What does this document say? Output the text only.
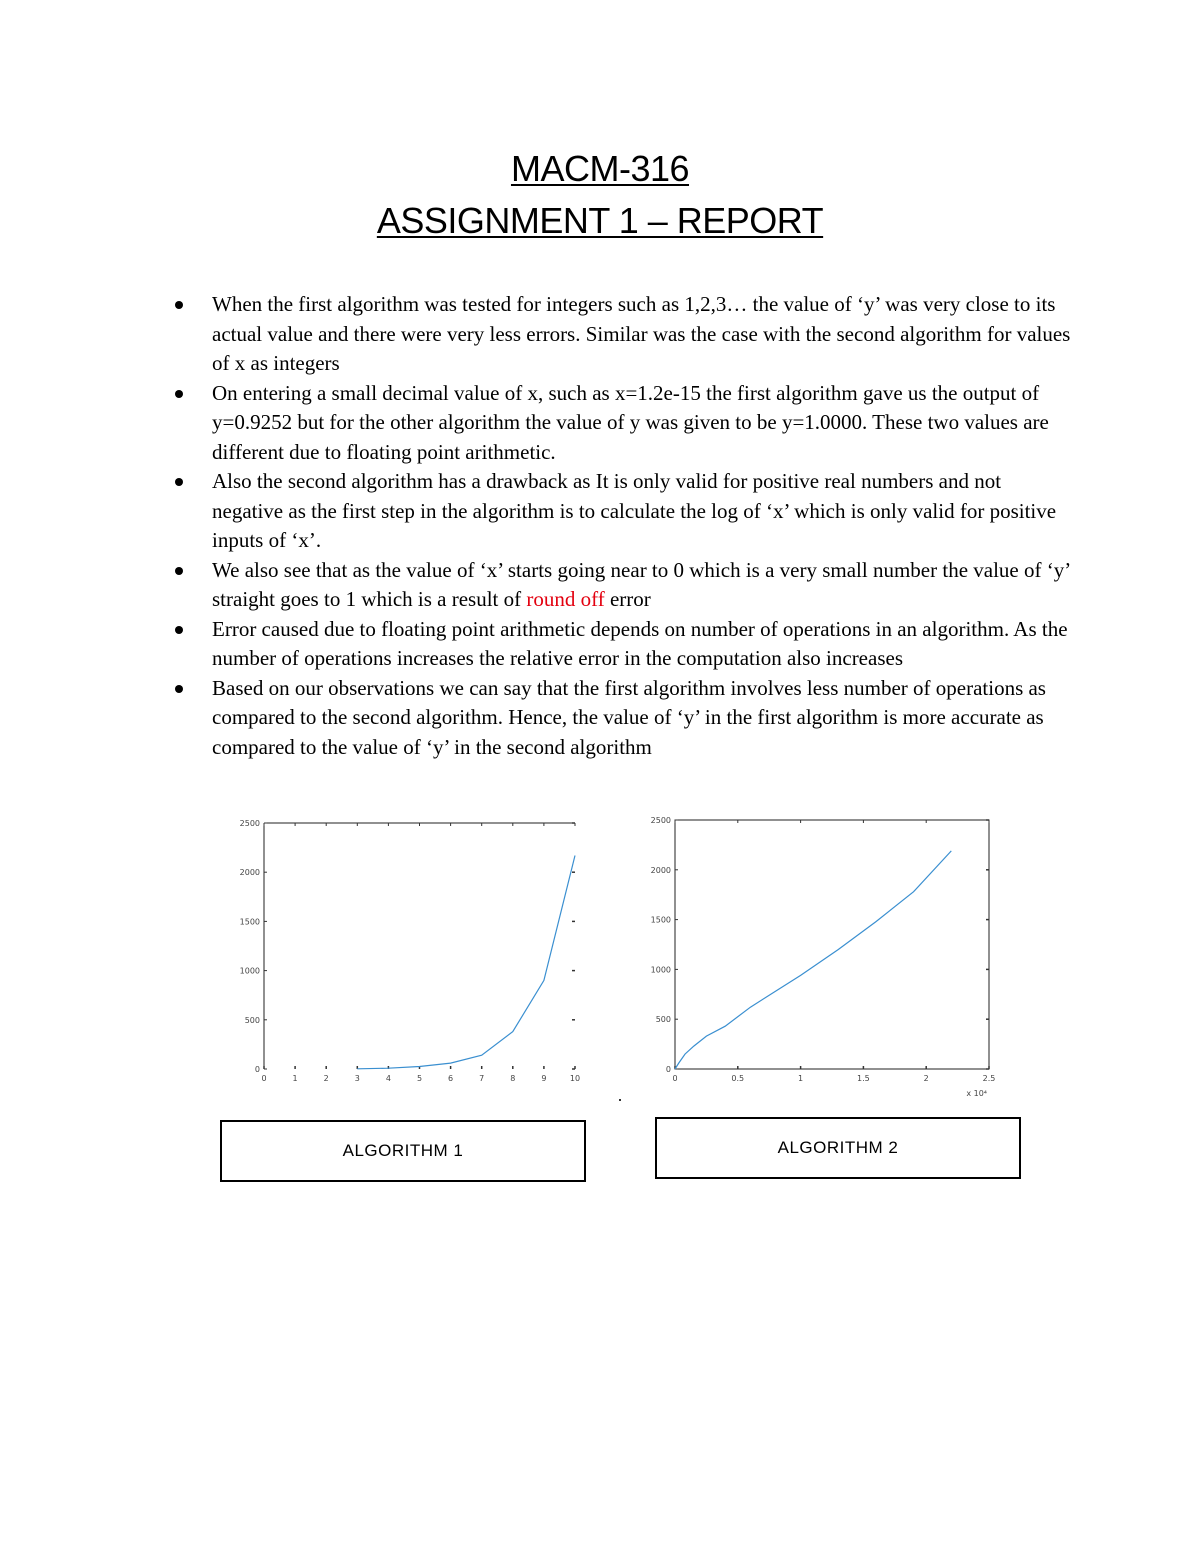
MACM-316
ASSIGNMENT 1 – REPORT
When the first algorithm was tested for integers such as 1,2,3… the value of ‘y’ was very close to its actual value and there were very less errors. Similar was the case with the second algorithm for values of x as integers
On entering a small decimal value of x, such as x=1.2e-15 the first algorithm gave us the output of y=0.9252 but for the other algorithm the value of y was given to be y=1.0000. These two values are different due to floating point arithmetic.
Also the second algorithm has a drawback as It is only valid for positive real numbers and not negative as the first step in the algorithm is to calculate the log of ‘x’ which is only valid for positive inputs of ‘x’.
We also see that as the value of ‘x’ starts going near to 0 which is a very small number the value of ‘y’ straight goes to 1 which is a result of round off error
Error caused due to floating point arithmetic depends on number of operations in an algorithm. As the number of operations increases the relative error in the computation also increases
Based on our observations we can say that the first algorithm involves less number of operations as compared to the second algorithm. Hence, the value of ‘y’ in the first algorithm is more accurate as compared to the value of ‘y’ in the second algorithm
0	1	2	3	4	5	6	7	8	9	10
0
500
1000
1500
2000
2500
0	0.5	1	1.5	2	2.5
0
500
1000
1500
2000
2500
x 10⁴
ALGORITHM 1	ALGORITHM 2
